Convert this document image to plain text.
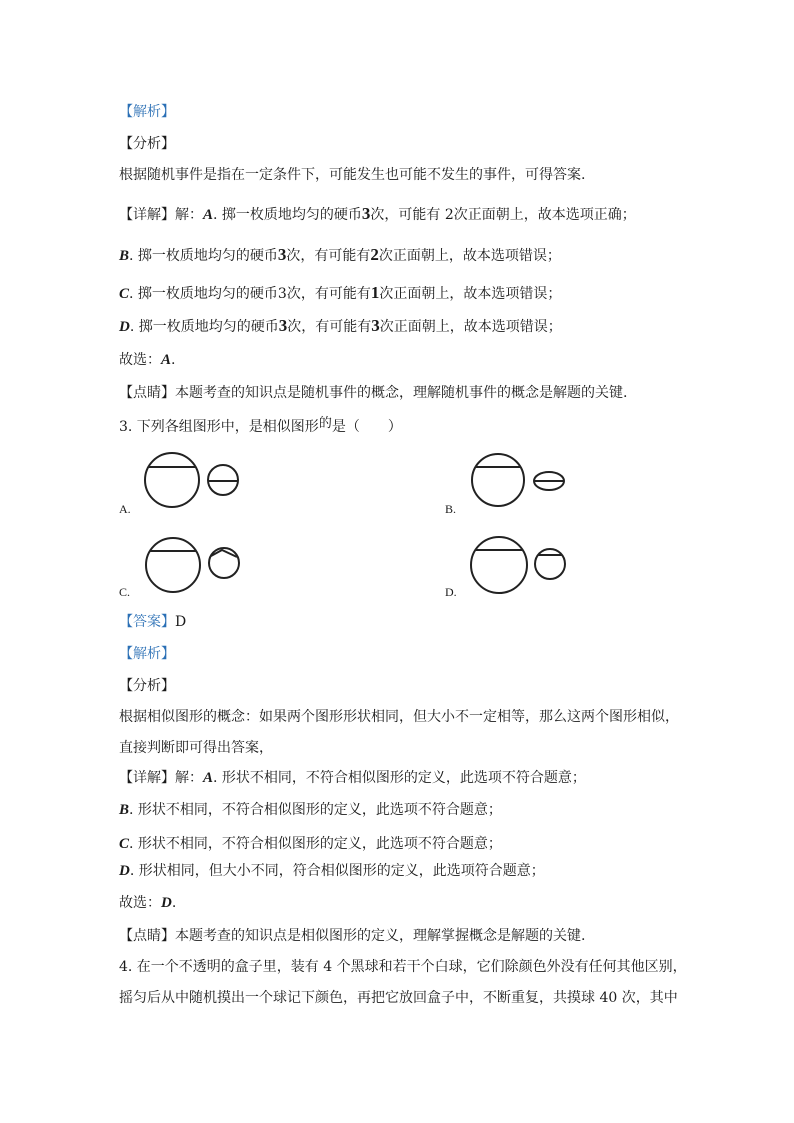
【解析】
【分析】
根据随机事件是指在一定条件下，可能发生也可能不发生的事件，可得答案.
【详解】解：A. 掷一枚质地均匀的硬币3次，可能有 2次正面朝上，故本选项正确；
B. 掷一枚质地均匀的硬币3次，有可能有2次正面朝上，故本选项错误；
C. 掷一枚质地均匀的硬币3次，有可能有1次正面朝上，故本选项错误；
D. 掷一枚质地均匀的硬币3次，有可能有3次正面朝上，故本选项错误；
故选：A.
【点睛】本题考查的知识点是随机事件的概念，理解随机事件的概念是解题的关键.
3. 下列各组图形中，是相似图形的是（　　）
A.	B.
C.	D.
【答案】D
【解析】
【分析】
根据相似图形的概念：如果两个图形形状相同，但大小不一定相等，那么这两个图形相似，
直接判断即可得出答案，
【详解】解：A. 形状不相同，不符合相似图形的定义，此选项不符合题意；
B. 形状不相同，不符合相似图形的定义，此选项不符合题意；
C. 形状不相同，不符合相似图形的定义，此选项不符合题意；
D. 形状相同，但大小不同，符合相似图形的定义，此选项符合题意；
故选：D.
【点睛】本题考查的知识点是相似图形的定义，理解掌握概念是解题的关键.
4. 在一个不透明的盒子里，装有 4 个黑球和若干个白球，它们除颜色外没有任何其他区别，
摇匀后从中随机摸出一个球记下颜色，再把它放回盒子中，不断重复，共摸球 40 次，其中
